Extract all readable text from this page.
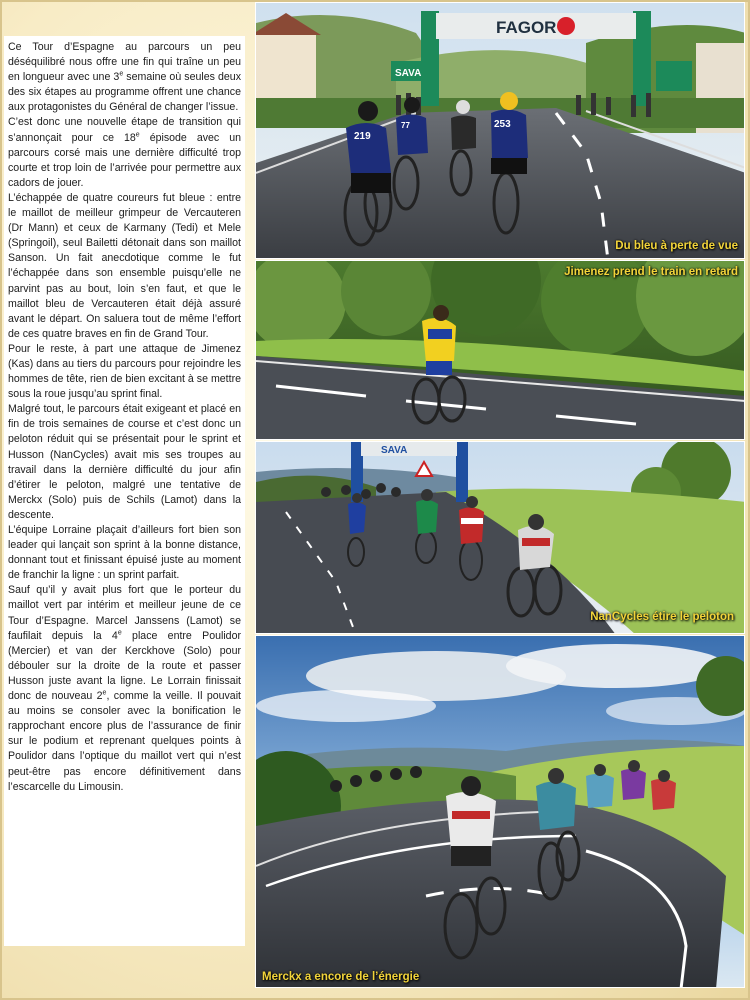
Ce Tour d’Espagne au parcours un peu déséquilibré nous offre une fin qui traîne un peu en longueur avec une 3e semaine où seules deux des six étapes au programme offrent une chance aux protagonistes du Général de changer l’issue.

C’est donc une nouvelle étape de transition qui s’annonçait pour ce 18e épisode avec un parcours corsé mais une dernière difficulté trop courte et trop loin de l’arrivée pour permettre aux cadors de jouer.

L’échappée de quatre coureurs fut bleue : entre le maillot de meilleur grimpeur de Vercauteren (Dr Mann) et ceux de Karmany (Tedi) et Mele (Springoil), seul Bailetti détonait dans son maillot Sanson. Un fait anecdotique comme le fut l’échappée dans son ensemble puisqu’elle ne parvint pas au bout, loin s’en faut, et que le maillot bleu de Vercauteren était déjà assuré avant le départ. On saluera tout de même l’effort de ces quatre braves en fin de Grand Tour.

Pour le reste, à part une attaque de Jimenez (Kas) dans au tiers du parcours pour rejoindre les hommes de tête, rien de bien excitant à se mettre sous la roue jusqu’au sprint final.

Malgré tout, le parcours était exigeant et placé en fin de trois semaines de course et c’est donc un peloton réduit qui se présentait pour le sprint et Husson (NanCycles) avait mis ses troupes au travail dans la dernière difficulté du jour afin d’étirer le peloton, malgré une tentative de Merckx (Solo) puis de Schils (Lamot) dans la descente.

L’équipe Lorraine plaçait d’ailleurs fort bien son leader qui lançait son sprint à la bonne distance, donnant tout et finissant épuisé juste au moment de franchir la ligne : un sprint parfait.

Sauf qu’il y avait plus fort que le porteur du maillot vert par intérim et meilleur jeune de ce Tour d’Espagne. Marcel Janssens (Lamot) se faufilait depuis la 4e place entre Poulidor (Mercier) et van der Kerckhove (Solo) pour débouler sur la droite de la route et passer Husson juste avant la ligne. Le Lorrain finissait donc de nouveau 2e, comme la veille. Il pouvait au moins se consoler avec la bonification le rapprochant encore plus de l’assurance de finir sur le podium et reprenant quelques points à Poulidor dans l’optique du maillot vert qui n’est peut-être pas encore définitivement dans l’escarcelle du Limousin.

FAGOR
SAVA
219
77	253
Du bleu à perte de vue
Jimenez prend le train en retard
SAVA
NanCycles étire le peloton
Merckx a encore de l’énergie
